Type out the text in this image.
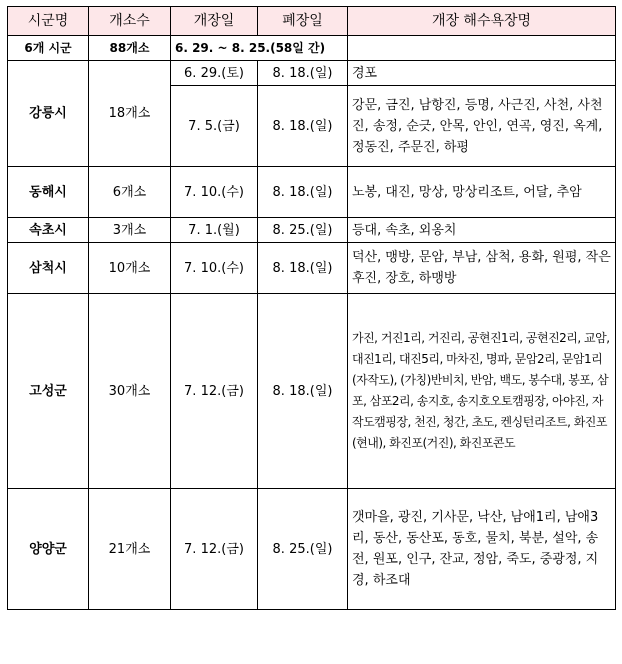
시군명	개소수	개장일	폐장일	개장 해수욕장명
6개 시군	88개소	6. 29. ~ 8. 25.(58일 간)		
강릉시	18개소	6. 29.(토)	8. 18.(일)	경포
		7. 5.(금)	8. 18.(일)	강문, 금진, 남항진, 등명, 사근진, 사천, 사천진, 송정, 순긋, 안목, 안인, 연곡, 영진, 옥계, 정동진, 주문진, 하평
동해시	6개소	7. 10.(수)	8. 18.(일)	노봉, 대진, 망상, 망상리조트, 어달, 추암
속초시	3개소	7. 1.(월)	8. 25.(일)	등대, 속초, 외옹치
삼척시	10개소	7. 10.(수)	8. 18.(일)	덕산, 맹방, 문암, 부남, 삼척, 용화, 원평, 작은후진, 장호, 하맹방
고성군	30개소	7. 12.(금)	8. 18.(일)	가진, 거진1리, 거진리, 공현진1리, 공현진2리, 교암, 대진1리, 대진5리, 마차진, 명파, 문암2리, 문암1리(자작도), (가칭)반비치, 반암, 백도, 봉수대, 봉포, 삼포, 삼포2리, 송지호, 송지호오토캠핑장, 아야진, 자작도캠핑장, 천진, 청간, 초도, 켄싱턴리조트, 화진포(현내), 화진포(거진), 화진포콘도
양양군	21개소	7. 12.(금)	8. 25.(일)	갯마을, 광진, 기사문, 낙산, 남애1리, 남애3리, 동산, 동산포, 동호, 물치, 북분, 설악, 송전, 원포, 인구, 잔교, 정암, 죽도, 중광정, 지경, 하조대
